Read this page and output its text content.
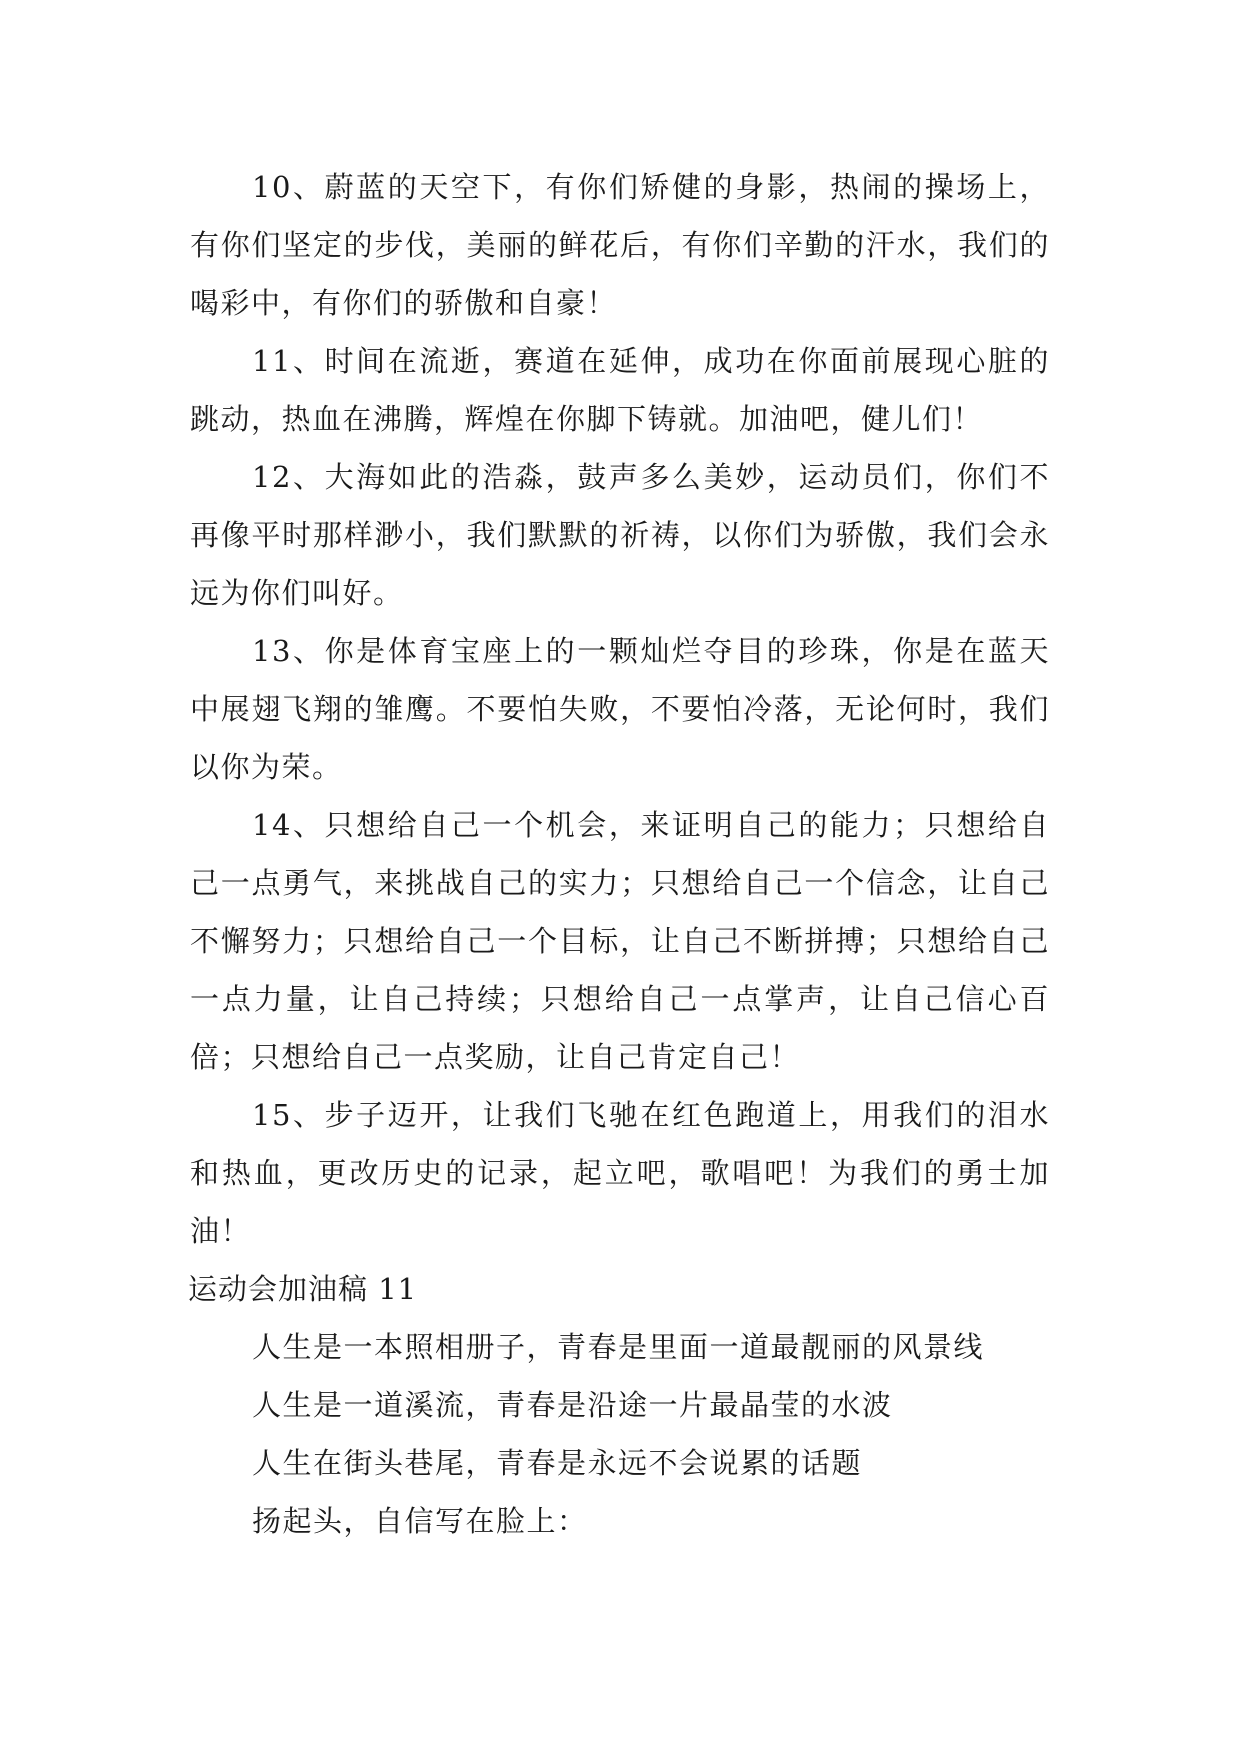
10、蔚蓝的天空下，有你们矫健的身影，热闹的操场上，有你们坚定的步伐，美丽的鲜花后，有你们辛勤的汗水，我们的喝彩中，有你们的骄傲和自豪！

11、时间在流逝，赛道在延伸，成功在你面前展现心脏的跳动，热血在沸腾，辉煌在你脚下铸就。加油吧，健儿们！

12、大海如此的浩淼，鼓声多么美妙，运动员们，你们不再像平时那样渺小，我们默默的祈祷，以你们为骄傲，我们会永远为你们叫好。

13、你是体育宝座上的一颗灿烂夺目的珍珠，你是在蓝天中展翅飞翔的雏鹰。不要怕失败，不要怕冷落，无论何时，我们以你为荣。

14、只想给自己一个机会，来证明自己的能力；只想给自己一点勇气，来挑战自己的实力；只想给自己一个信念，让自己不懈努力；只想给自己一个目标，让自己不断拼搏；只想给自己一点力量，让自己持续；只想给自己一点掌声，让自己信心百倍；只想给自己一点奖励，让自己肯定自己！

15、步子迈开，让我们飞驰在红色跑道上，用我们的泪水和热血，更改历史的记录，起立吧，歌唱吧！为我们的勇士加油！

运动会加油稿 11

人生是一本照相册子，青春是里面一道最靓丽的风景线

人生是一道溪流，青春是沿途一片最晶莹的水波

人生在街头巷尾，青春是永远不会说累的话题

扬起头，自信写在脸上：
